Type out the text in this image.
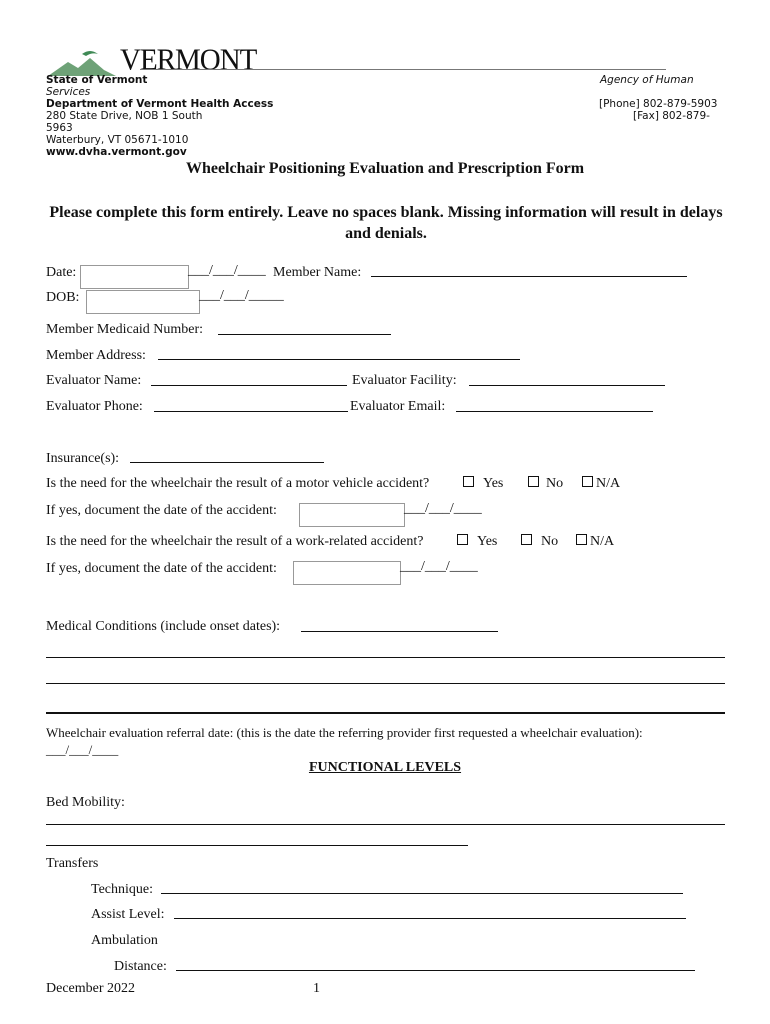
VERMONT
State of Vermont	Agency of Human
Services
Department of Vermont Health Access	[Phone] 802-879-5903
280 State Drive, NOB 1 South	[Fax] 802-879-
5963
Waterbury, VT 05671-1010
www.dvha.vermont.gov
Wheelchair Positioning Evaluation and Prescription Form
Please complete this form entirely. Leave no spaces blank. Missing information will result in delays and denials.
Date:	___/___/____ Member Name:
DOB:	___/___/_____
Member Medicaid Number:
Member Address:
Evaluator Name:	Evaluator Facility:
Evaluator Phone:	Evaluator Email:
Insurance(s):
Is the need for the wheelchair the result of a motor vehicle accident?	Yes	No	N/A
If yes, document the date of the accident:	___/___/____
Is the need for the wheelchair the result of a work-related accident?	Yes	No	N/A
If yes, document the date of the accident:	___/___/____
Medical Conditions (include onset dates):
Wheelchair evaluation referral date: (this is the date the referring provider first requested a wheelchair evaluation):
___/___/____
FUNCTIONAL LEVELS
Bed Mobility:
Transfers
Technique:
Assist Level:
Ambulation
Distance:
December 2022	1
